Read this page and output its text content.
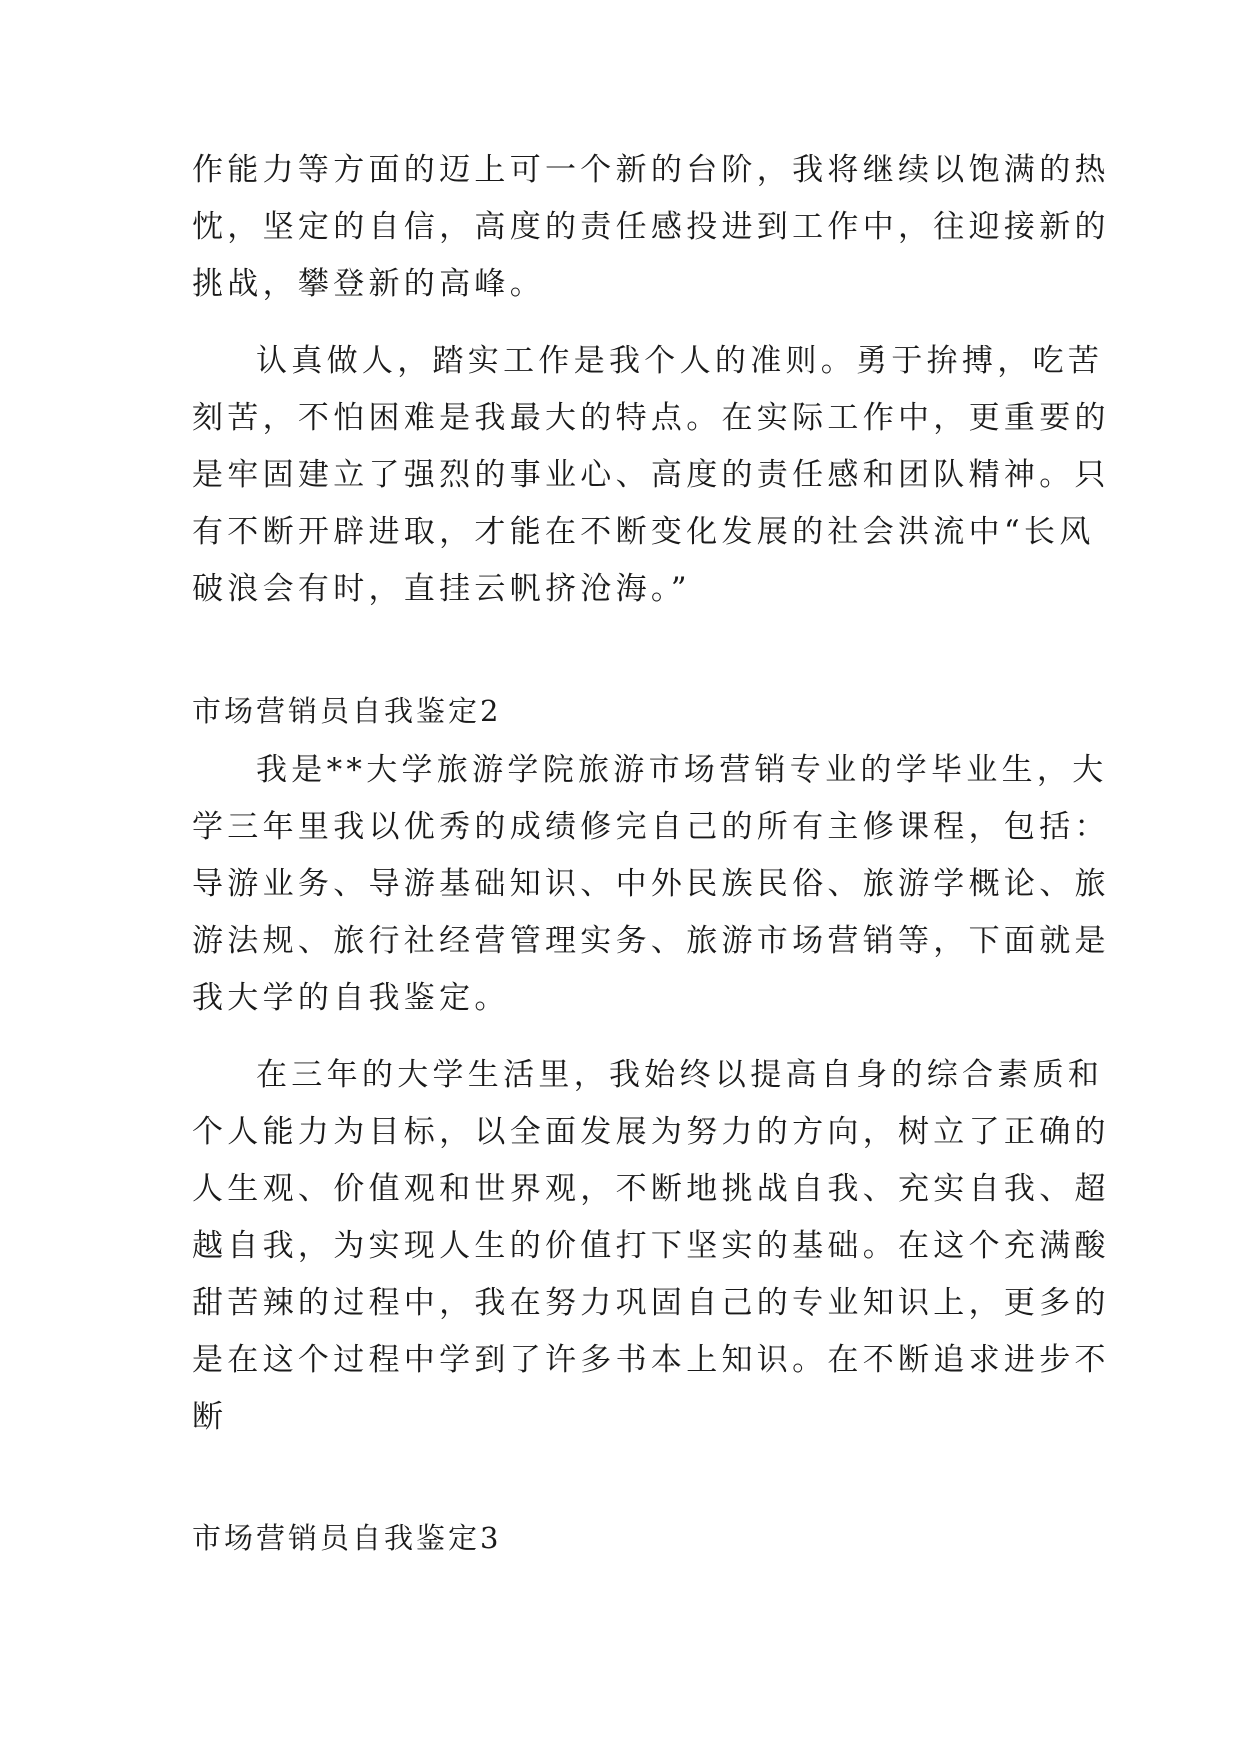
作能力等方面的迈上可一个新的台阶，我将继续以饱满的热
忱，坚定的自信，高度的责任感投进到工作中，往迎接新的
挑战，攀登新的高峰。
认真做人，踏实工作是我个人的准则。勇于拚搏，吃苦
刻苦，不怕困难是我最大的特点。在实际工作中，更重要的
是牢固建立了强烈的事业心、高度的责任感和团队精神。只
有不断开辟进取，才能在不断变化发展的社会洪流中“长风
破浪会有时，直挂云帆挤沧海。”
市场营销员自我鉴定2
我是**大学旅游学院旅游市场营销专业的学毕业生，大
学三年里我以优秀的成绩修完自己的所有主修课程，包括：
导游业务、导游基础知识、中外民族民俗、旅游学概论、旅
游法规、旅行社经营管理实务、旅游市场营销等，下面就是
我大学的自我鉴定。
在三年的大学生活里，我始终以提高自身的综合素质和
个人能力为目标，以全面发展为努力的方向，树立了正确的
人生观、价值观和世界观，不断地挑战自我、充实自我、超
越自我，为实现人生的价值打下坚实的基础。在这个充满酸
甜苦辣的过程中，我在努力巩固自己的专业知识上，更多的
是在这个过程中学到了许多书本上知识。在不断追求进步不
断
市场营销员自我鉴定3
